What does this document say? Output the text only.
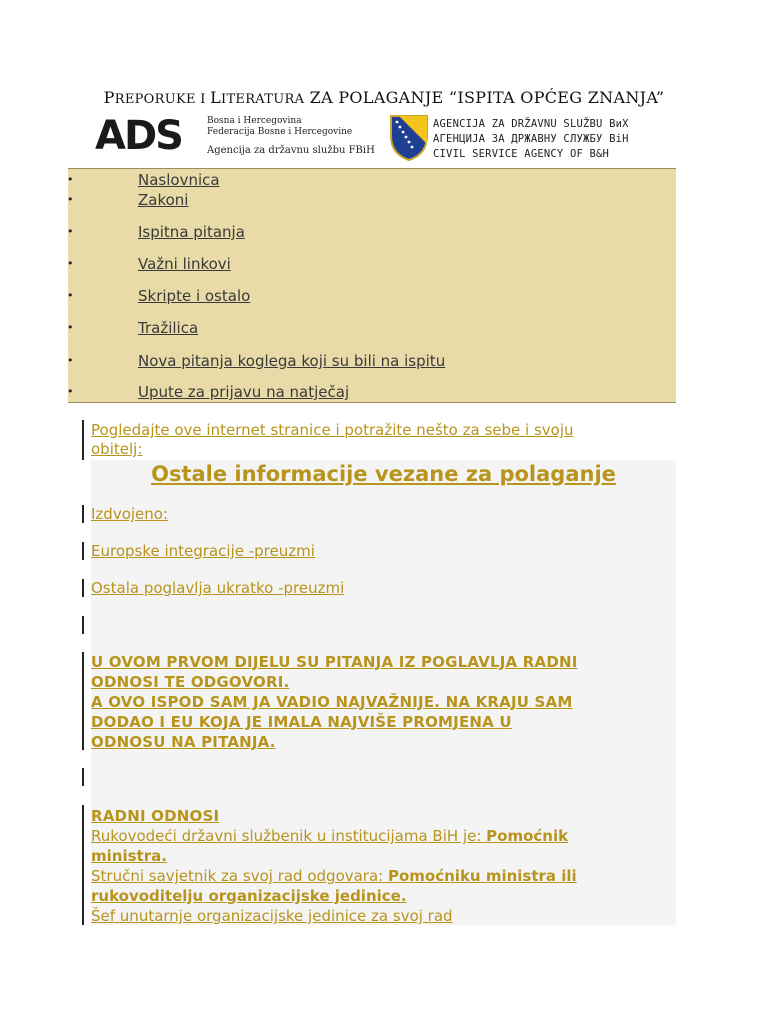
PREPORUKE I LITERATURA ZA POLAGANJE “ISPITA OPĆEG ZNANJA”
ADS	Bosna i Hercegovina
Federacija Bosne i Hercegovine
Agencija za državnu službu FBiH
AGENCIJA ZA DRŽAVNU SLUŽBU BиХ
АГЕНЦИЈА ЗА ДРЖАВНУ СЛУЖБУ ВіН
CIVIL SERVICE AGENCY OF B&H
•	Naslovnica
•	Zakoni
•	Ispitna pitanja
•	Važni linkovi
•	Skripte i ostalo
•	Tražilica
•	Nova pitanja koglega koji su bili na ispitu
•	Upute za prijavu na natječaj
Pogledajte ove internet stranice i potražite nešto za sebe i svoju
obitelj:
Ostale informacije vezane za polaganje
Izdvojeno:
Europske integracije -preuzmi
Ostala poglavlja ukratko -preuzmi
U OVOM PRVOM DIJELU SU PITANJA IZ POGLAVLJA RADNI
ODNOSI TE ODGOVORI.
A OVO ISPOD SAM JA VADIO NAJVAŽNIJE. NA KRAJU SAM
DODAO I EU KOJA JE IMALA NAJVIŠE PROMJENA U
ODNOSU NA PITANJA.
RADNI ODNOSI
Rukovodeći državni službenik u institucijama BiH je: Pomoćnik
ministra.
Stručni savjetnik za svoj rad odgovara: Pomoćniku ministra ili
rukovoditelju organizacijske jedinice.
Šef unutarnje organizacijske jedinice za svoj rad
